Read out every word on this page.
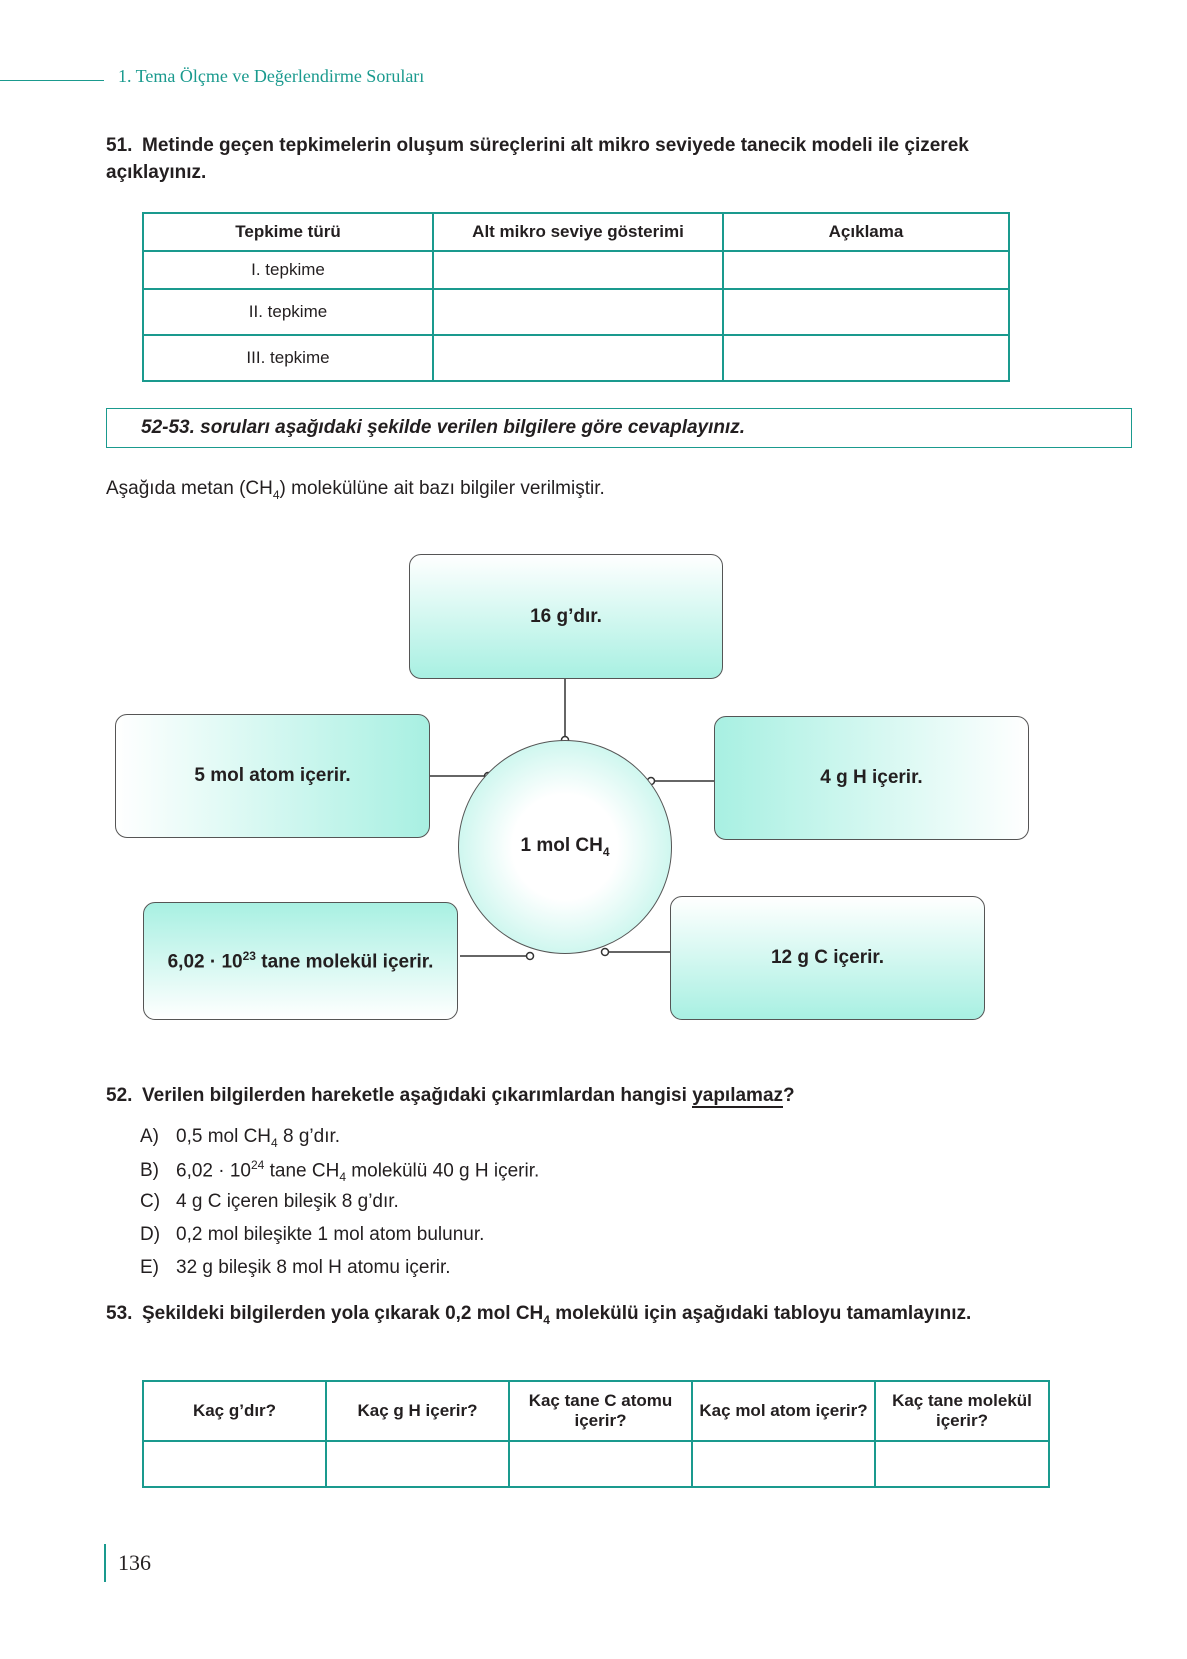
1. Tema Ölçme ve Değerlendirme Soruları
51. Metinde geçen tepkimelerin oluşum süreçlerini alt mikro seviyede tanecik modeli ile çizerek açıklayınız.
Tepkime türü	Alt mikro seviye gösterimi	Açıklama
I. tepkime		
II. tepkime		
III. tepkime		
52-53. soruları aşağıdaki şekilde verilen bilgilere göre cevaplayınız.
Aşağıda metan $(CH_4)$ molekülüne ait bazı bilgiler verilmiştir.
16 g’dır.
5 mol atom içerir.	4 g H içerir.
$6,02 \cdot 10^{23}$ tane molekül içerir.	12 g C içerir.
1 mol $CH_4$
52. Verilen bilgilerden hareketle aşağıdaki çıkarımlardan hangisi yapılamaz?
A) 0,5 mol $CH_4$ 8 g’dır.
B) $6,02 \cdot 10^{24}$ tane $CH_4$ molekülü 40 g H içerir.
C) 4 g C içeren bileşik 8 g’dır.
D) 0,2 mol bileşikte 1 mol atom bulunur.
E) 32 g bileşik 8 mol H atomu içerir.
53. Şekildeki bilgilerden yola çıkarak 0,2 mol $CH_4$ molekülü için aşağıdaki tabloyu tamamlayınız.
Kaç g’dır?	Kaç g H içerir?	Kaç tane C atomu içerir?	Kaç mol atom içerir?	Kaç tane molekül içerir?

136
